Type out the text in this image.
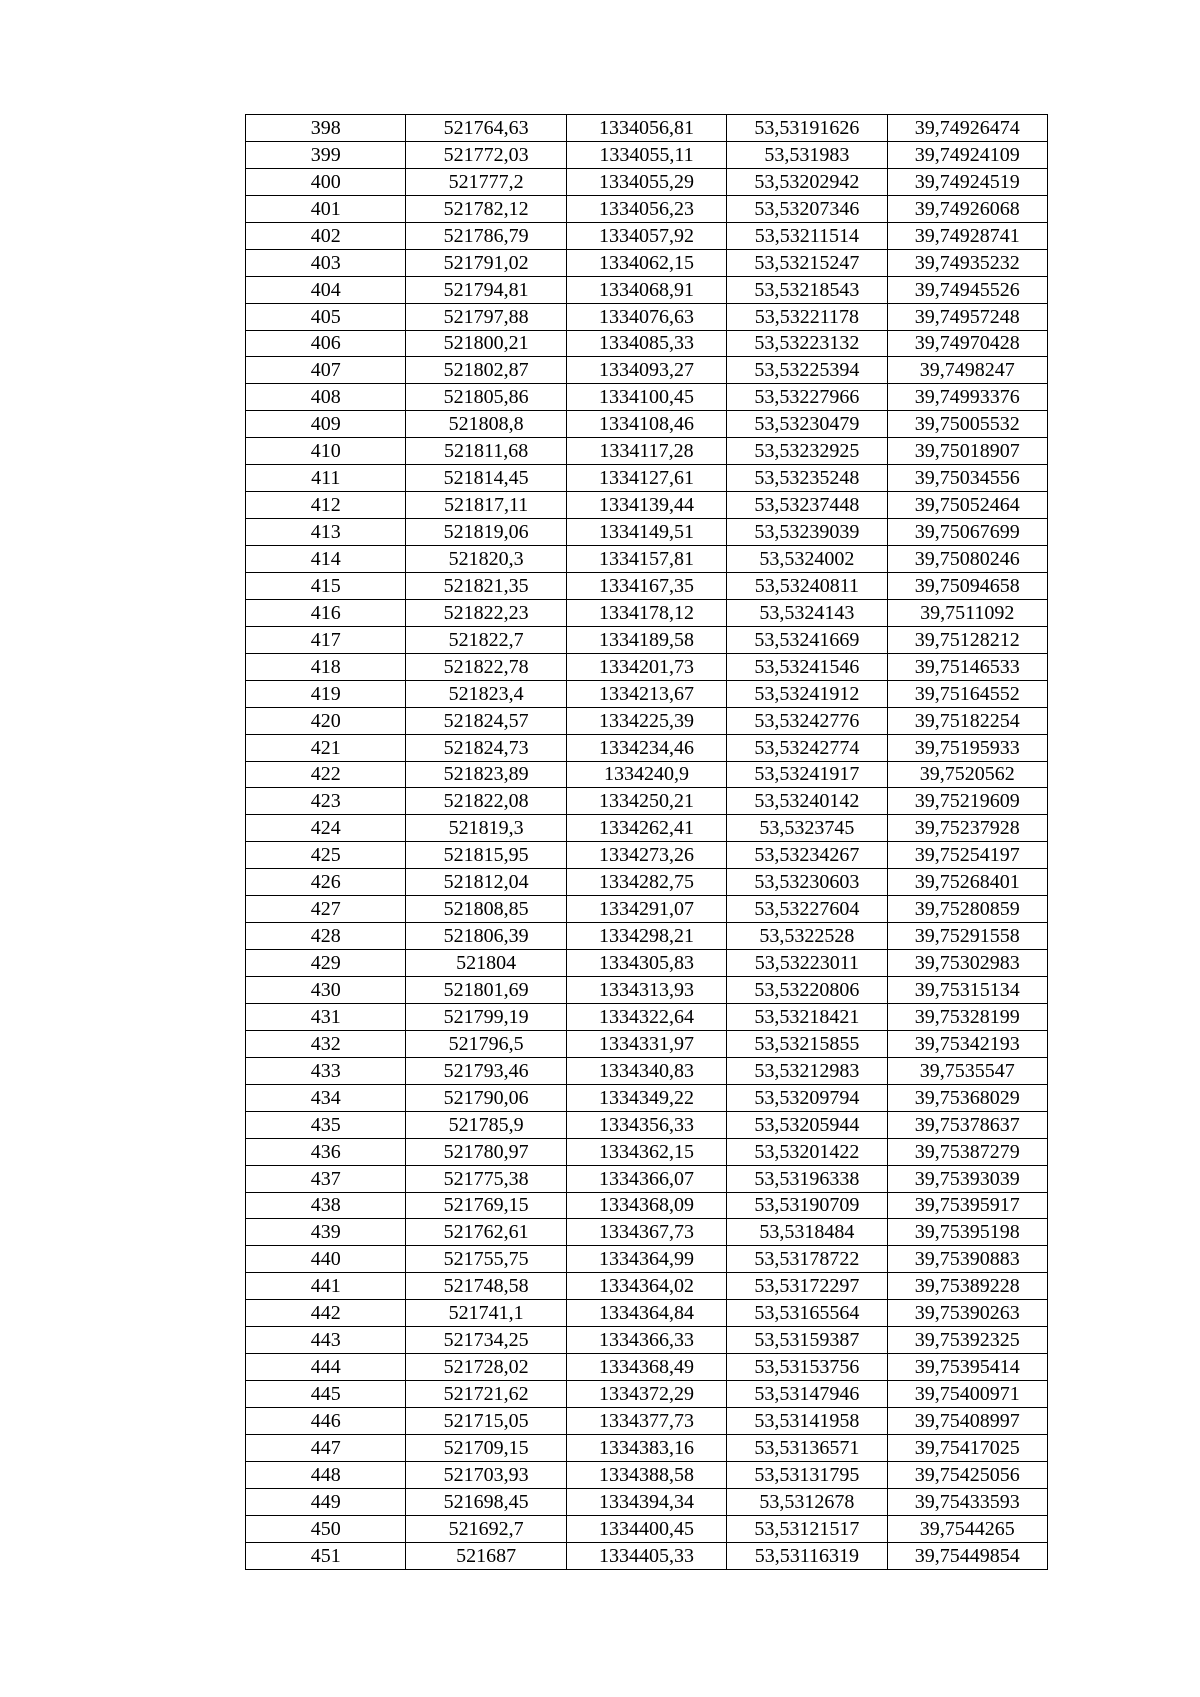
398	521764,63	1334056,81	53,53191626	39,74926474
399	521772,03	1334055,11	53,531983	39,74924109
400	521777,2	1334055,29	53,53202942	39,74924519
401	521782,12	1334056,23	53,53207346	39,74926068
402	521786,79	1334057,92	53,53211514	39,74928741
403	521791,02	1334062,15	53,53215247	39,74935232
404	521794,81	1334068,91	53,53218543	39,74945526
405	521797,88	1334076,63	53,53221178	39,74957248
406	521800,21	1334085,33	53,53223132	39,74970428
407	521802,87	1334093,27	53,53225394	39,7498247
408	521805,86	1334100,45	53,53227966	39,74993376
409	521808,8	1334108,46	53,53230479	39,75005532
410	521811,68	1334117,28	53,53232925	39,75018907
411	521814,45	1334127,61	53,53235248	39,75034556
412	521817,11	1334139,44	53,53237448	39,75052464
413	521819,06	1334149,51	53,53239039	39,75067699
414	521820,3	1334157,81	53,5324002	39,75080246
415	521821,35	1334167,35	53,53240811	39,75094658
416	521822,23	1334178,12	53,5324143	39,7511092
417	521822,7	1334189,58	53,53241669	39,75128212
418	521822,78	1334201,73	53,53241546	39,75146533
419	521823,4	1334213,67	53,53241912	39,75164552
420	521824,57	1334225,39	53,53242776	39,75182254
421	521824,73	1334234,46	53,53242774	39,75195933
422	521823,89	1334240,9	53,53241917	39,7520562
423	521822,08	1334250,21	53,53240142	39,75219609
424	521819,3	1334262,41	53,5323745	39,75237928
425	521815,95	1334273,26	53,53234267	39,75254197
426	521812,04	1334282,75	53,53230603	39,75268401
427	521808,85	1334291,07	53,53227604	39,75280859
428	521806,39	1334298,21	53,5322528	39,75291558
429	521804	1334305,83	53,53223011	39,75302983
430	521801,69	1334313,93	53,53220806	39,75315134
431	521799,19	1334322,64	53,53218421	39,75328199
432	521796,5	1334331,97	53,53215855	39,75342193
433	521793,46	1334340,83	53,53212983	39,7535547
434	521790,06	1334349,22	53,53209794	39,75368029
435	521785,9	1334356,33	53,53205944	39,75378637
436	521780,97	1334362,15	53,53201422	39,75387279
437	521775,38	1334366,07	53,53196338	39,75393039
438	521769,15	1334368,09	53,53190709	39,75395917
439	521762,61	1334367,73	53,5318484	39,75395198
440	521755,75	1334364,99	53,53178722	39,75390883
441	521748,58	1334364,02	53,53172297	39,75389228
442	521741,1	1334364,84	53,53165564	39,75390263
443	521734,25	1334366,33	53,53159387	39,75392325
444	521728,02	1334368,49	53,53153756	39,75395414
445	521721,62	1334372,29	53,53147946	39,75400971
446	521715,05	1334377,73	53,53141958	39,75408997
447	521709,15	1334383,16	53,53136571	39,75417025
448	521703,93	1334388,58	53,53131795	39,75425056
449	521698,45	1334394,34	53,5312678	39,75433593
450	521692,7	1334400,45	53,53121517	39,7544265
451	521687	1334405,33	53,53116319	39,75449854
